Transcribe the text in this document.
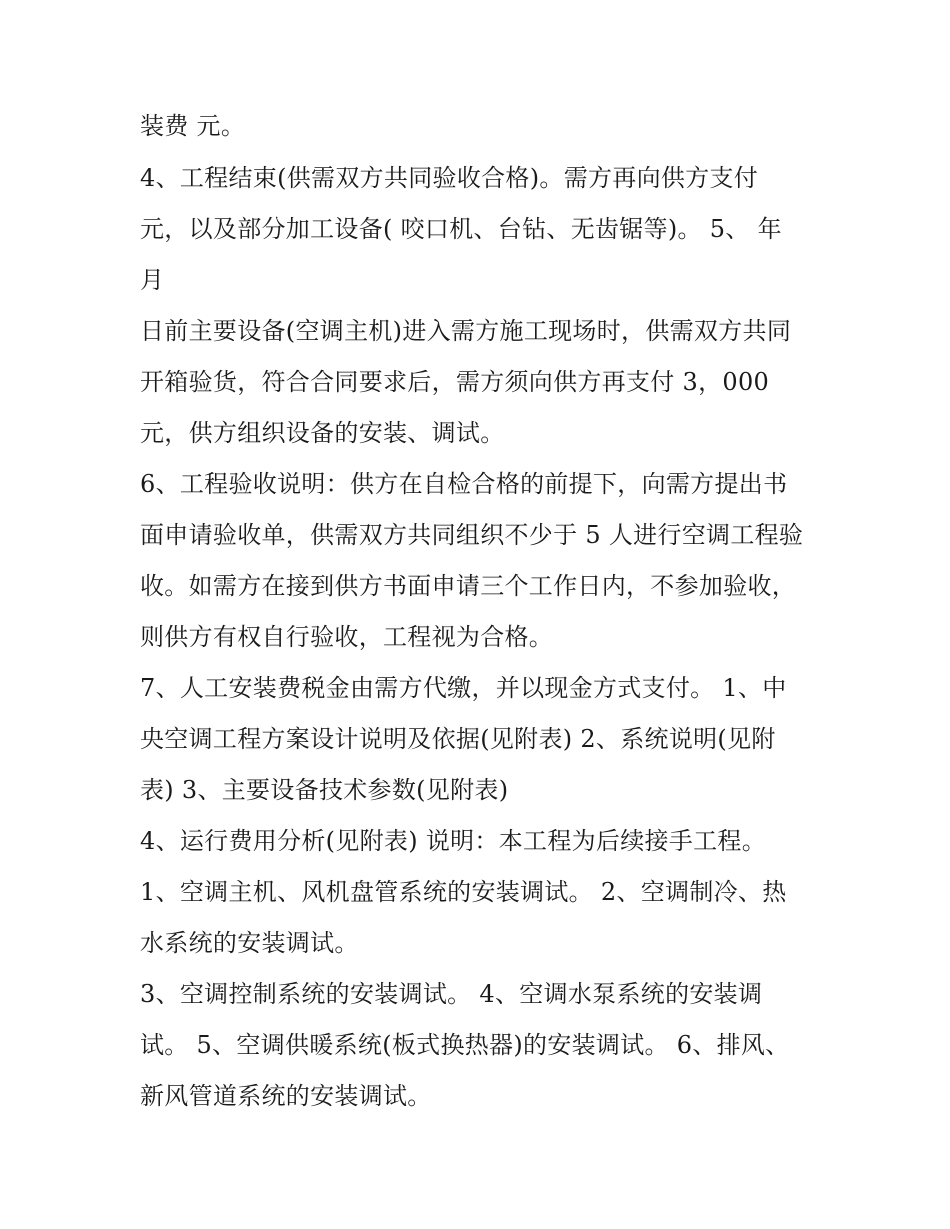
装费 元。
4、工程结束(供需双方共同验收合格)。需方再向供方支付
元，以及部分加工设备( 咬口机、台钻、无齿锯等)。 5、 年
月
日前主要设备(空调主机)进入需方施工现场时，供需双方共同
开箱验货，符合合同要求后，需方须向供方再支付 3，000
元，供方组织设备的安装、调试。
6、工程验收说明：供方在自检合格的前提下，向需方提出书
面申请验收单，供需双方共同组织不少于 5 人进行空调工程验
收。如需方在接到供方书面申请三个工作日内，不参加验收，
则供方有权自行验收，工程视为合格。
7、人工安装费税金由需方代缴，并以现金方式支付。 1、中
央空调工程方案设计说明及依据(见附表) 2、系统说明(见附
表) 3、主要设备技术参数(见附表)
4、运行费用分析(见附表) 说明：本工程为后续接手工程。
1、空调主机、风机盘管系统的安装调试。 2、空调制冷、热
水系统的安装调试。
3、空调控制系统的安装调试。 4、空调水泵系统的安装调
试。 5、空调供暖系统(板式换热器)的安装调试。 6、排风、
新风管道系统的安装调试。
